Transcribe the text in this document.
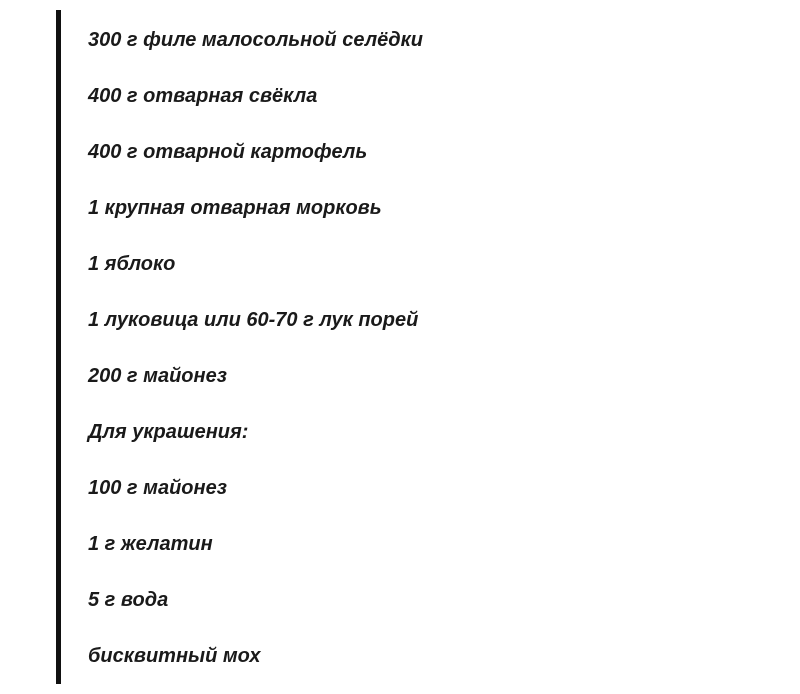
300 г филе малосольной селёдки
400 г отварная свёкла
400 г отварной картофель
1 крупная отварная морковь
1 яблоко
1 луковица или 60-70 г лук порей
200 г майонез
Для украшения:
100 г майонез
1 г желатин
5 г вода
бисквитный мох
